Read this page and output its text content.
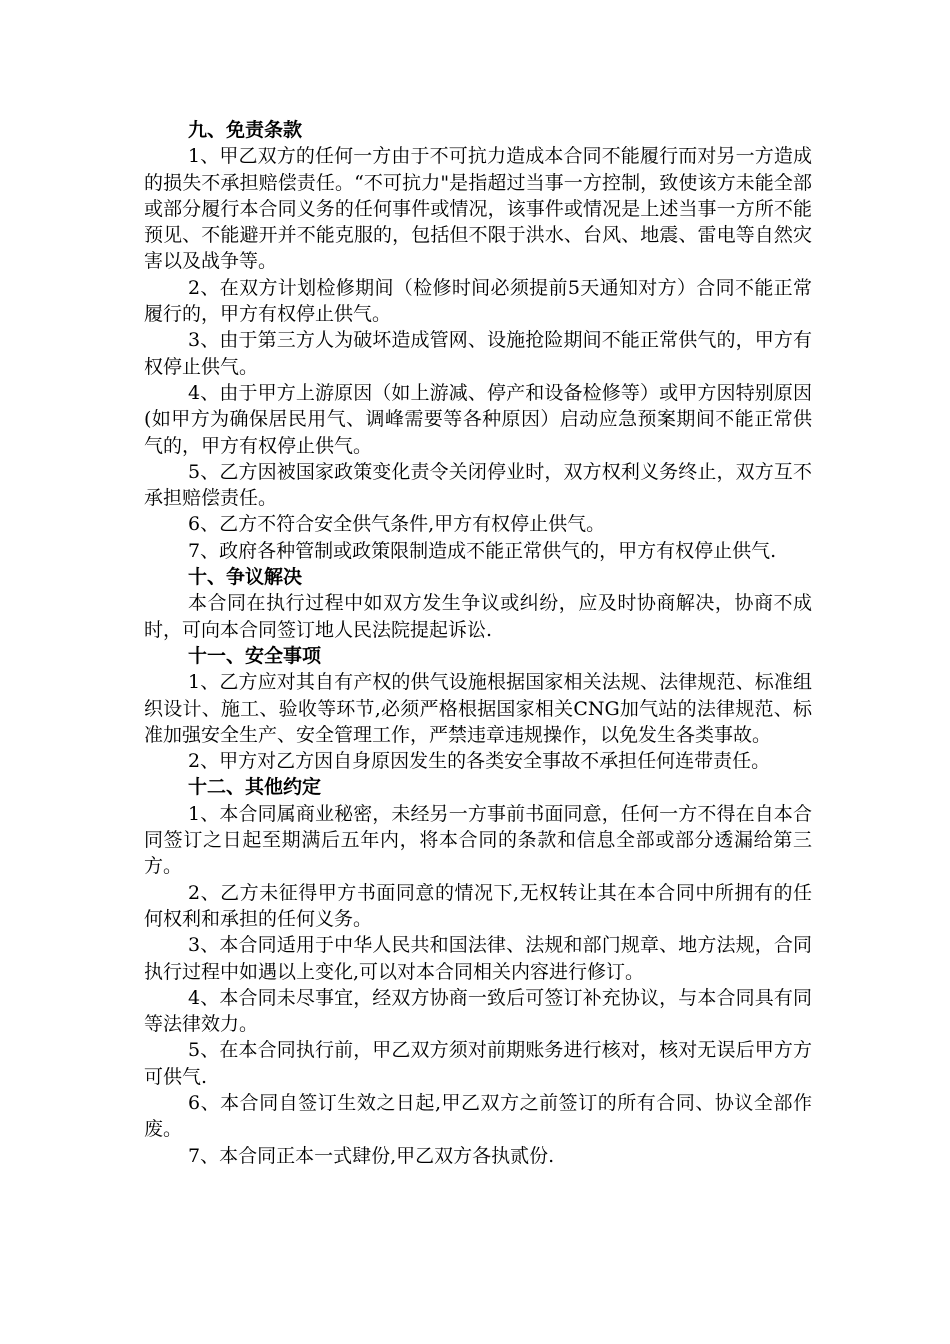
九、免责条款

1、甲乙双方的任何一方由于不可抗力造成本合同不能履行而对另一方造成的损失不承担赔偿责任。“不可抗力"是指超过当事一方控制，致使该方未能全部或部分履行本合同义务的任何事件或情况，该事件或情况是上述当事一方所不能预见、不能避开并不能克服的，包括但不限于洪水、台风、地震、雷电等自然灾害以及战争等。

2、在双方计划检修期间（检修时间必须提前5天通知对方）合同不能正常履行的，甲方有权停止供气。

3、由于第三方人为破坏造成管网、设施抢险期间不能正常供气的，甲方有权停止供气。

4、由于甲方上游原因（如上游减、停产和设备检修等）或甲方因特别原因(如甲方为确保居民用气、调峰需要等各种原因）启动应急预案期间不能正常供气的，甲方有权停止供气。

5、乙方因被国家政策变化责令关闭停业时，双方权利义务终止，双方互不承担赔偿责任。

6、乙方不符合安全供气条件,甲方有权停止供气。

7、政府各种管制或政策限制造成不能正常供气的，甲方有权停止供气.

十、争议解决

本合同在执行过程中如双方发生争议或纠纷，应及时协商解决，协商不成时，可向本合同签订地人民法院提起诉讼.

十一、安全事项

1、乙方应对其自有产权的供气设施根据国家相关法规、法律规范、标准组织设计、施工、验收等环节,必须严格根据国家相关CNG加气站的法律规范、标准加强安全生产、安全管理工作，严禁违章违规操作，以免发生各类事故。

2、甲方对乙方因自身原因发生的各类安全事故不承担任何连带责任。

十二、其他约定

1、本合同属商业秘密，未经另一方事前书面同意，任何一方不得在自本合同签订之日起至期满后五年内，将本合同的条款和信息全部或部分透漏给第三方。

2、乙方未征得甲方书面同意的情况下,无权转让其在本合同中所拥有的任何权利和承担的任何义务。

3、本合同适用于中华人民共和国法律、法规和部门规章、地方法规，合同执行过程中如遇以上变化,可以对本合同相关内容进行修订。

4、本合同未尽事宜，经双方协商一致后可签订补充协议，与本合同具有同等法律效力。

5、在本合同执行前，甲乙双方须对前期账务进行核对，核对无误后甲方方可供气.

6、本合同自签订生效之日起,甲乙双方之前签订的所有合同、协议全部作废。

7、本合同正本一式肆份,甲乙双方各执贰份.
